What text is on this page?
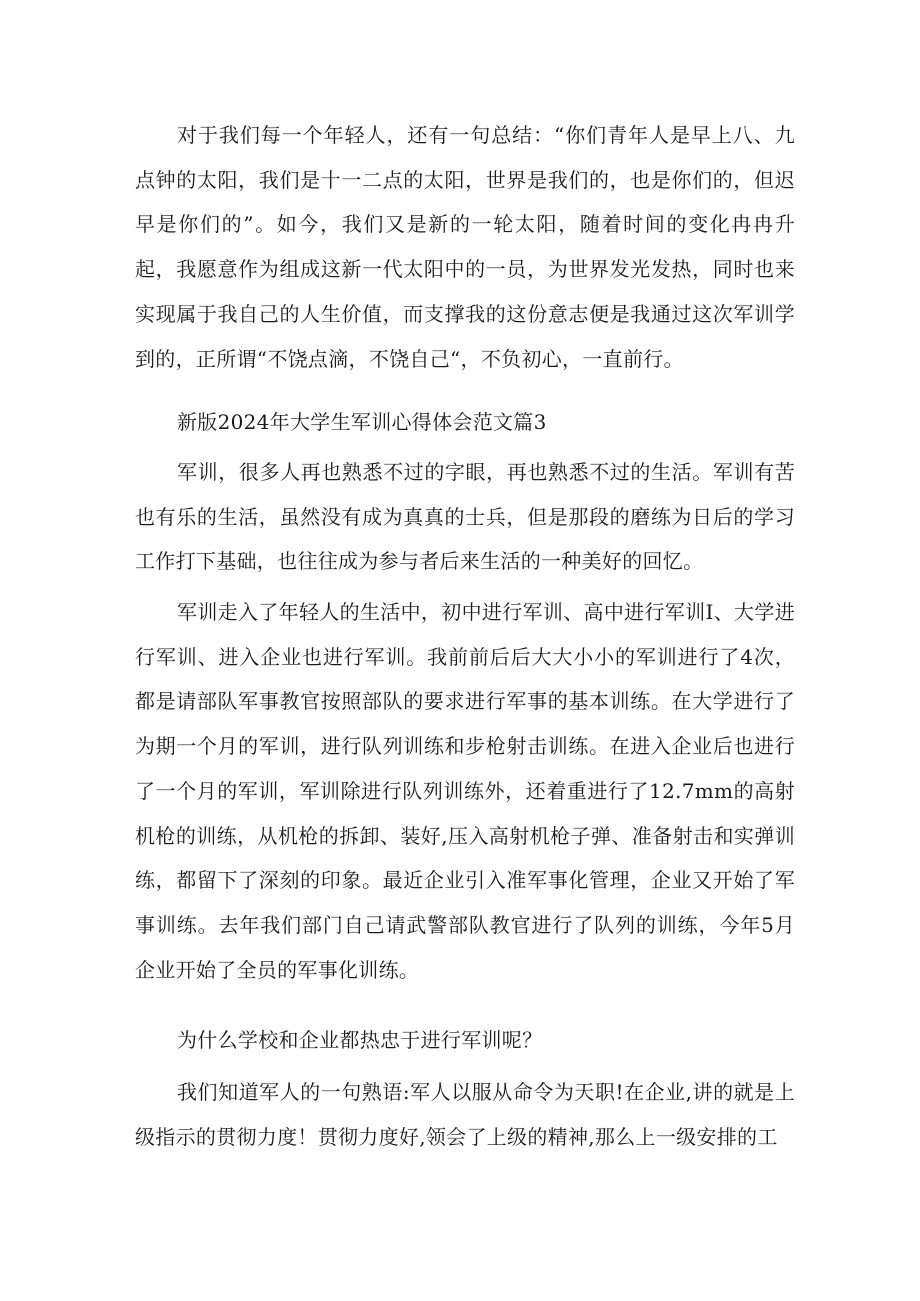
对于我们每一个年轻人，还有一句总结：“你们青年人是早上八、九点钟的太阳，我们是十一二点的太阳，世界是我们的，也是你们的，但迟早是你们的”。如今，我们又是新的一轮太阳，随着时间的变化冉冉升起，我愿意作为组成这新一代太阳中的一员，为世界发光发热，同时也来实现属于我自己的人生价值，而支撑我的这份意志便是我通过这次军训学到的，正所谓“不饶点滴，不饶自己“，不负初心，一直前行。

新版2024年大学生军训心得体会范文篇3

军训，很多人再也熟悉不过的字眼，再也熟悉不过的生活。军训有苦也有乐的生活，虽然没有成为真真的士兵，但是那段的磨练为日后的学习工作打下基础，也往往成为参与者后来生活的一种美好的回忆。

军训走入了年轻人的生活中，初中进行军训、高中进行军训I、大学进行军训、进入企业也进行军训。我前前后后大大小小的军训进行了4次，都是请部队军事教官按照部队的要求进行军事的基本训练。在大学进行了为期一个月的军训，进行队列训练和步枪射击训练。在进入企业后也进行了一个月的军训，军训除进行队列训练外，还着重进行了12.7mm的高射机枪的训练，从机枪的拆卸、装好,压入高射机枪子弹、准备射击和实弹训练，都留下了深刻的印象。最近企业引入准军事化管理，企业又开始了军事训练。去年我们部门自己请武警部队教官进行了队列的训练，今年5月企业开始了全员的军事化训练。

为什么学校和企业都热忠于进行军训呢？

我们知道军人的一句熟语:军人以服从命令为天职!在企业,讲的就是上级指示的贯彻力度！贯彻力度好,领会了上级的精神,那么上一级安排的工
